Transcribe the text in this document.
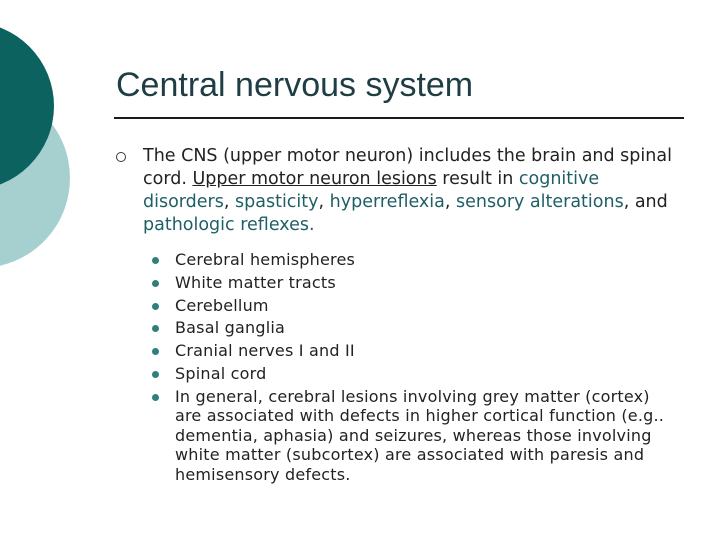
Central nervous system
The CNS (upper motor neuron) includes the brain and spinal cord. Upper motor neuron lesions result in cognitive disorders, spasticity, hyperreflexia, sensory alterations, and pathologic reflexes.
Cerebral hemispheres
White matter tracts
Cerebellum
Basal ganglia
Cranial nerves I and II
Spinal cord
In general, cerebral lesions involving grey matter (cortex) are associated with defects in higher cortical function (e.g.. dementia, aphasia) and seizures, whereas those involving white matter (subcortex) are associated with paresis and hemisensory defects.
